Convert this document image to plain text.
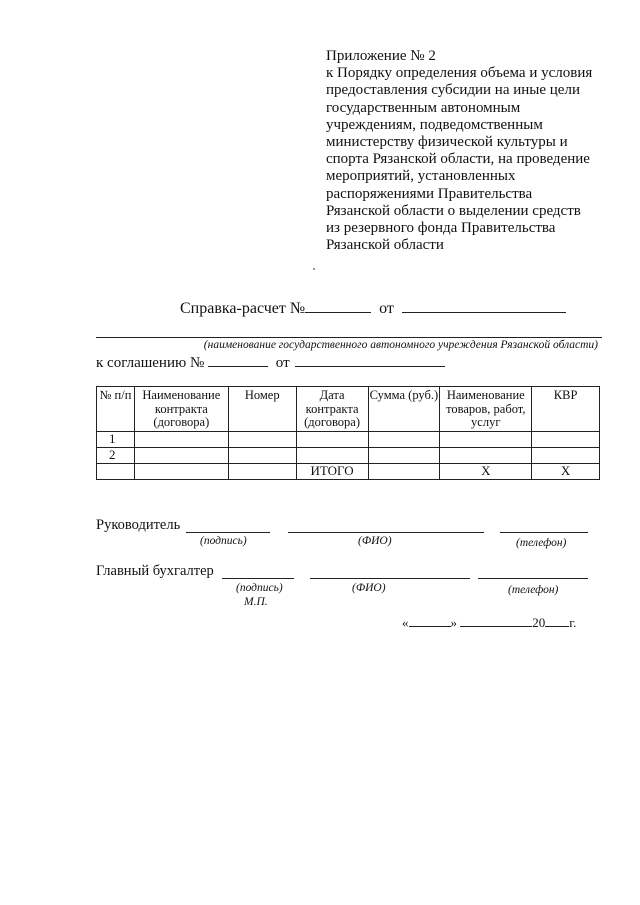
Приложение № 2
к Порядку определения объема и условия
предоставления субсидии на иные цели
государственным автономным
учреждениям, подведомственным
министерству физической культуры и
спорта Рязанской области, на проведение
мероприятий, установленных
распоряжениями Правительства
Рязанской области о выделении средств
из резервного фонда Правительства
Рязанской области
Справка-расчет №	от
(наименование государственного автономного учреждения Рязанской области)
к соглашению №	от
№ п/п	Наименование контракта (договора)	Номер	Дата контракта (договора)	Сумма (руб.)	Наименование товаров, работ, услуг	КВР
1						
2						
			ИТОГО		Х	Х
Руководитель
(подпись)	(ФИО)	(телефон)
Главный бухгалтер
(подпись)	(ФИО)	(телефон)
М.П.
«	»	20 г.
